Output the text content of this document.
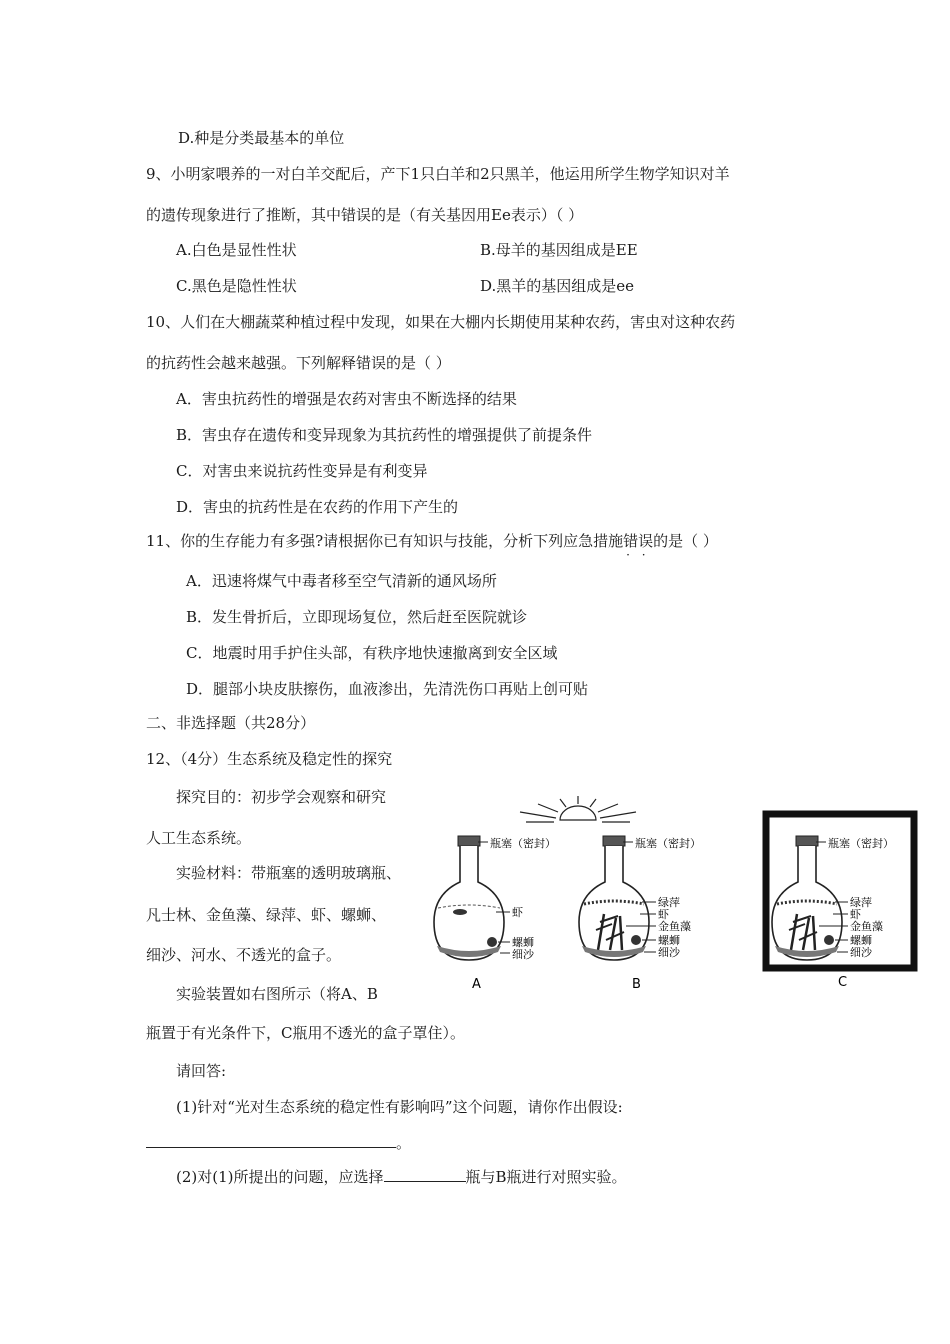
D.种是分类最基本的单位
9、小明家喂养的一对白羊交配后，产下1只白羊和2只黑羊，他运用所学生物学知识对羊
的遗传现象进行了推断，其中错误的是（有关基因用Ee表示）（ ）
A.白色是显性性状	B.母羊的基因组成是EE
C.黑色是隐性性状	D.黑羊的基因组成是ee
10、人们在大棚蔬菜种植过程中发现，如果在大棚内长期使用某种农药，害虫对这种农药
的抗药性会越来越强。下列解释错误的是（ ）
A．害虫抗药性的增强是农药对害虫不断选择的结果
B．害虫存在遗传和变异现象为其抗药性的增强提供了前提条件
C．对害虫来说抗药性变异是有利变异
D．害虫的抗药性是在农药的作用下产生的
11、你的生存能力有多强?请根据你已有知识与技能，分析下列应急措施错误 · ·的是（ ）
A．迅速将煤气中毒者移至空气清新的通风场所
B．发生骨折后，立即现场复位，然后赶至医院就诊
C．地震时用手护住头部，有秩序地快速撤离到安全区域
D．腿部小块皮肤擦伤，血液渗出，先清洗伤口再贴上创可贴
二、非选择题（共28分）
12、（4分）生态系统及稳定性的探究
探究目的：初步学会观察和研究
人工生态系统。
实验材料：带瓶塞的透明玻璃瓶、
凡士林、金鱼藻、绿萍、虾、螺蛳、
细沙、河水、不透光的盒子。
实验装置如右图所示（将A、B
瓶置于有光条件下，C瓶用不透光的盒子罩住）。
请回答:
(1)针对“光对生态系统的稳定性有影响吗”这个问题，请你作出假设:
。
(2)对(1)所提出的问题，应选择	瓶与B瓶进行对照实验。
瓶塞（密封）
虾
螺蛳
细沙
A
瓶塞（密封）
绿萍
虾
金鱼藻
螺蛳
细沙
B
瓶塞（密封）
绿萍
虾
金鱼藻
螺蛳
细沙
C
